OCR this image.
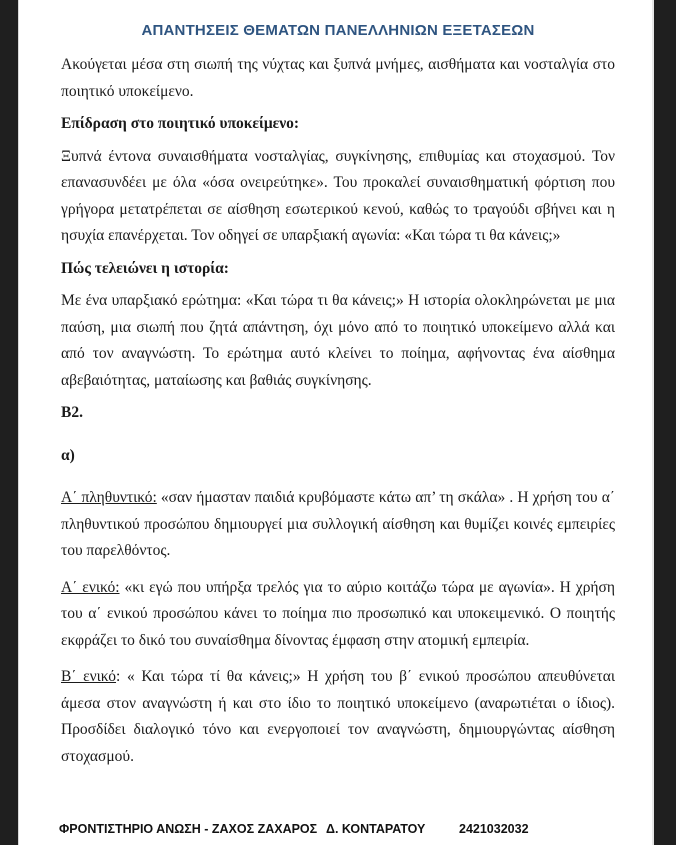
ΑΠΑΝΤΗΣΕΙΣ ΘΕΜΑΤΩΝ ΠΑΝΕΛΛΗΝΙΩΝ ΕΞΕΤΑΣΕΩΝ

Ακούγεται μέσα στη σιωπή της νύχτας και ξυπνά μνήμες, αισθήματα και νοσταλγία στο ποιητικό υποκείμενο.

Επίδραση στο ποιητικό υποκείμενο:

Ξυπνά έντονα συναισθήματα νοσταλγίας, συγκίνησης, επιθυμίας και στοχασμού. Τον επανασυνδέει με όλα «όσα ονειρεύτηκε». Του προκαλεί συναισθηματική φόρτιση που γρήγορα μετατρέπεται σε αίσθηση εσωτερικού κενού, καθώς το τραγούδι σβήνει και η ησυχία επανέρχεται. Τον οδηγεί σε υπαρξιακή αγωνία: «Και τώρα τι θα κάνεις;»

Πώς τελειώνει η ιστορία:

Με ένα υπαρξιακό ερώτημα: «Και τώρα τι θα κάνεις;» Η ιστορία ολοκληρώνεται με μια παύση, μια σιωπή που ζητά απάντηση, όχι μόνο από το ποιητικό υποκείμενο αλλά και από τον αναγνώστη. Το ερώτημα αυτό κλείνει το ποίημα, αφήνοντας ένα αίσθημα αβεβαιότητας, ματαίωσης και βαθιάς συγκίνησης.

Β2.

α)

Α΄ πληθυντικό: «σαν ήμασταν παιδιά κρυβόμαστε κάτω απ’ τη σκάλα» . Η χρήση του α΄ πληθυντικού προσώπου δημιουργεί μια συλλογική αίσθηση και θυμίζει κοινές εμπειρίες του παρελθόντος.

Α΄ ενικό: «κι εγώ που υπήρξα τρελός για το αύριο κοιτάζω τώρα με αγωνία». Η χρήση του α΄ ενικού προσώπου κάνει το ποίημα πιο προσωπικό και υποκειμενικό. Ο ποιητής εκφράζει το δικό του συναίσθημα δίνοντας έμφαση στην ατομική εμπειρία.

Β΄ ενικό: « Και τώρα τί θα κάνεις;» Η χρήση του β΄ ενικού προσώπου απευθύνεται άμεσα στον αναγνώστη ή και στο ίδιο το ποιητικό υποκείμενο (αναρωτιέται ο ίδιος). Προσδίδει διαλογικό τόνο και ενεργοποιεί τον αναγνώστη, δημιουργώντας αίσθηση στοχασμού.

ΦΡΟΝΤΙΣΤΗΡΙΟ ΑΝΩΣΗ - ΖΑΧΟΣ ΖΑΧΑΡΟΣ Δ. ΚΟΝΤΑΡΑΤΟΥ	2421032032
